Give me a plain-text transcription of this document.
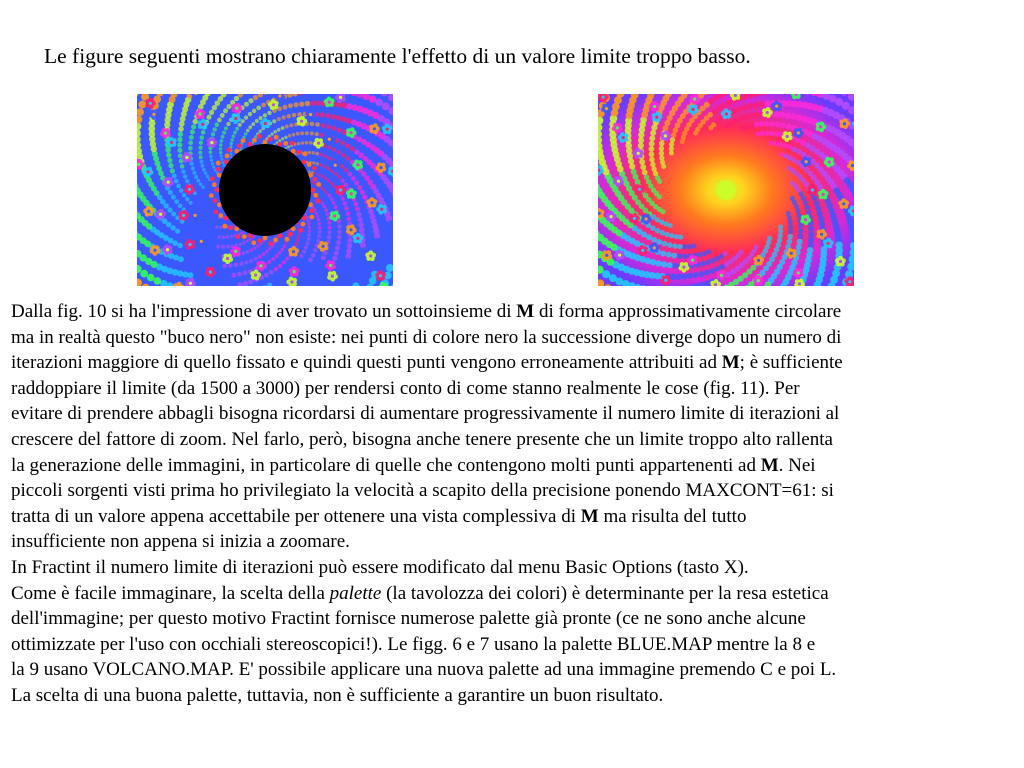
Le figure seguenti mostrano chiaramente l'effetto di un valore limite troppo basso.

Dalla fig. 10 si ha l'impressione di aver trovato un sottoinsieme di M di forma approssimativamente circolare

ma in realtà questo "buco nero" non esiste: nei punti di colore nero la successione diverge dopo un numero di

iterazioni maggiore di quello fissato e quindi questi punti vengono erroneamente attribuiti ad M; è sufficiente

raddoppiare il limite (da 1500 a 3000) per rendersi conto di come stanno realmente le cose (fig. 11). Per

evitare di prendere abbagli bisogna ricordarsi di aumentare progressivamente il numero limite di iterazioni al

crescere del fattore di zoom. Nel farlo, però, bisogna anche tenere presente che un limite troppo alto rallenta

la generazione delle immagini, in particolare di quelle che contengono molti punti appartenenti ad M. Nei

piccoli sorgenti visti prima ho privilegiato la velocità a scapito della precisione ponendo MAXCONT=61: si

tratta di un valore appena accettabile per ottenere una vista complessiva di M ma risulta del tutto

insufficiente non appena si inizia a zoomare.

In Fractint il numero limite di iterazioni può essere modificato dal menu Basic Options (tasto X).

Come è facile immaginare, la scelta della palette (la tavolozza dei colori) è determinante per la resa estetica

dell'immagine; per questo motivo Fractint fornisce numerose palette già pronte (ce ne sono anche alcune

ottimizzate per l'uso con occhiali stereoscopici!). Le figg. 6 e 7 usano la palette BLUE.MAP mentre la 8 e

la 9 usano VOLCANO.MAP. E' possibile applicare una nuova palette ad una immagine premendo C e poi L.

La scelta di una buona palette, tuttavia, non è sufficiente a garantire un buon risultato.
